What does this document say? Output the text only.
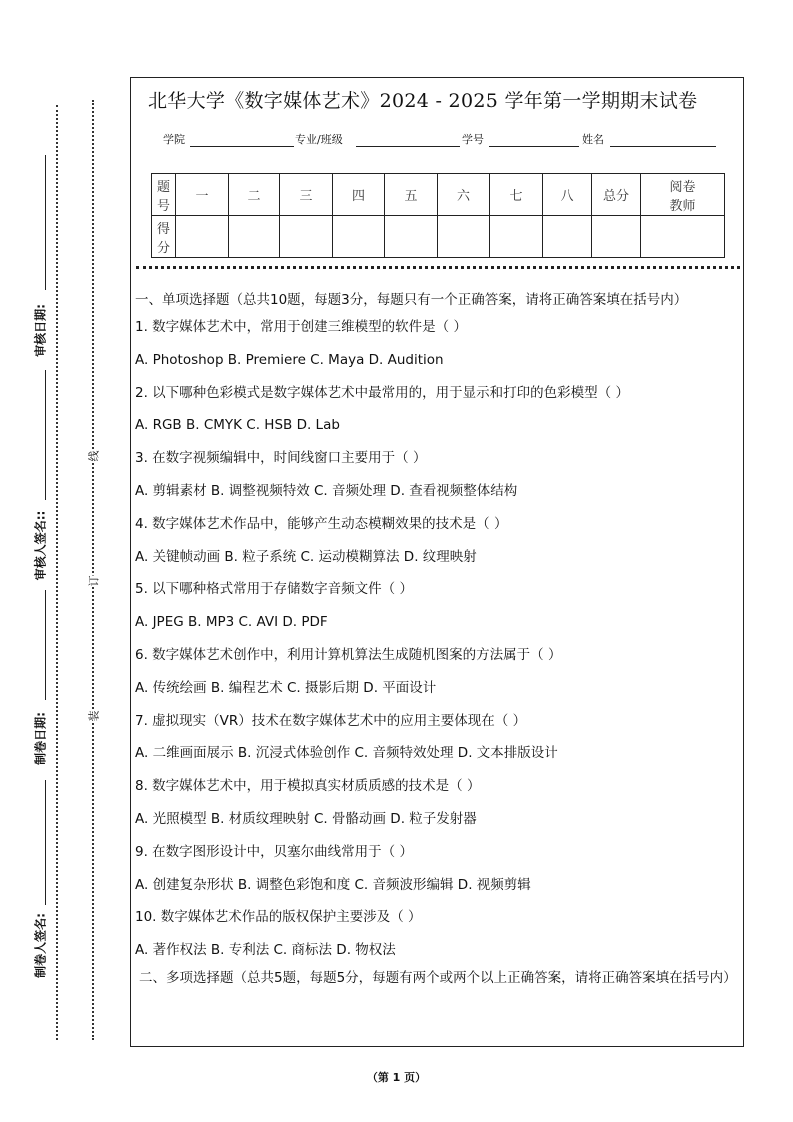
审核日期:
审核人签名::
制卷日期:
制卷人签名:
线
订
装
北华大学《数字媒体艺术》2024 - 2025 学年第一学期期末试卷
学院	专业/班级	学号	姓名
题号	一	二	三	四	五	六	七	八	总分	阅卷教师
得分										
一、单项选择题（总共10题，每题3分，每题只有一个正确答案，请将正确答案填在括号内）
1. 数字媒体艺术中，常用于创建三维模型的软件是（ ）
A. Photoshop B. Premiere C. Maya D. Audition
2. 以下哪种色彩模式是数字媒体艺术中最常用的，用于显示和打印的色彩模型（ ）
A. RGB B. CMYK C. HSB D. Lab
3. 在数字视频编辑中，时间线窗口主要用于（ ）
A. 剪辑素材 B. 调整视频特效 C. 音频处理 D. 查看视频整体结构
4. 数字媒体艺术作品中，能够产生动态模糊效果的技术是（ ）
A. 关键帧动画 B. 粒子系统 C. 运动模糊算法 D. 纹理映射
5. 以下哪种格式常用于存储数字音频文件（ ）
A. JPEG B. MP3 C. AVI D. PDF
6. 数字媒体艺术创作中，利用计算机算法生成随机图案的方法属于（ ）
A. 传统绘画 B. 编程艺术 C. 摄影后期 D. 平面设计
7. 虚拟现实（VR）技术在数字媒体艺术中的应用主要体现在（ ）
A. 二维画面展示 B. 沉浸式体验创作 C. 音频特效处理 D. 文本排版设计
8. 数字媒体艺术中，用于模拟真实材质质感的技术是（ ）
A. 光照模型 B. 材质纹理映射 C. 骨骼动画 D. 粒子发射器
9. 在数字图形设计中，贝塞尔曲线常用于（ ）
A. 创建复杂形状 B. 调整色彩饱和度 C. 音频波形编辑 D. 视频剪辑
10. 数字媒体艺术作品的版权保护主要涉及（ ）
A. 著作权法 B. 专利法 C. 商标法 D. 物权法
二、多项选择题（总共5题，每题5分，每题有两个或两个以上正确答案，请将正确答案填在括号内）
（第 1 页）
